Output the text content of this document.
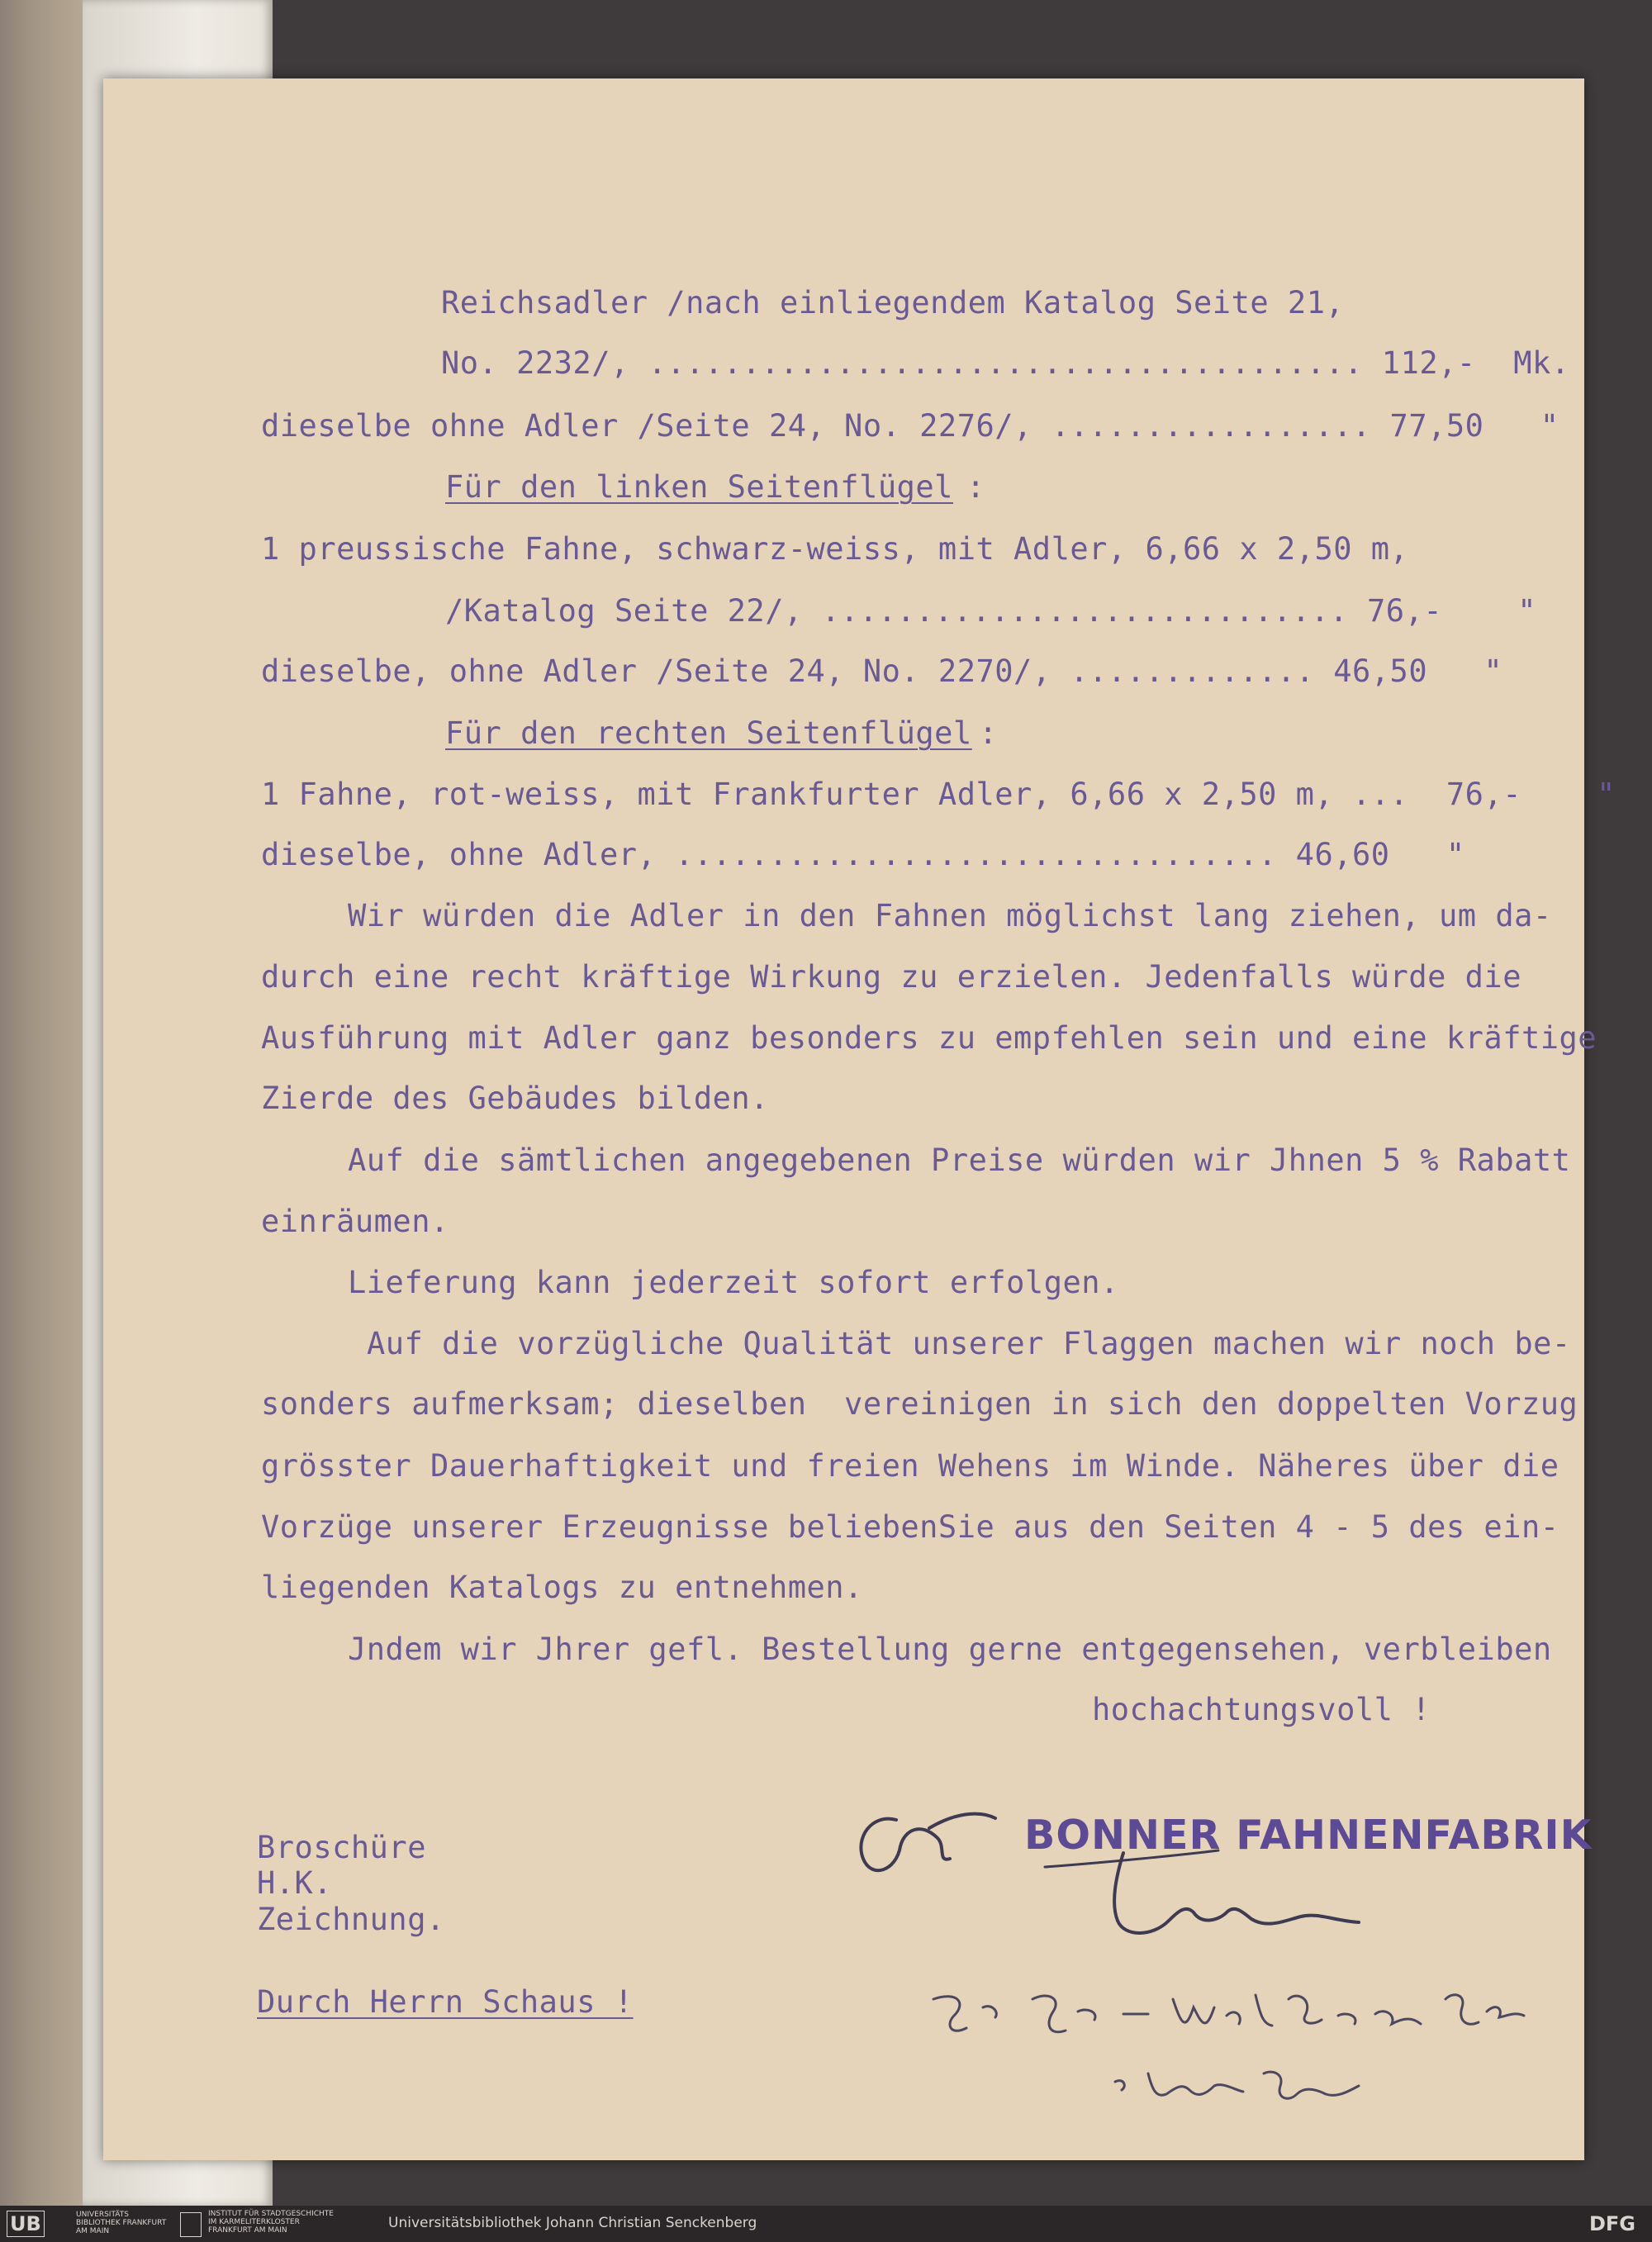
Reichsadler /nach einliegendem Katalog Seite 21,
No. 2232/, ...................................... 112,-  Mk.
dieselbe ohne Adler /Seite 24, No. 2276/, ................. 77,50   "
Für den linken Seitenflügel :
1 preussische Fahne, schwarz-weiss, mit Adler, 6,66 x 2,50 m,
/Katalog Seite 22/, ............................ 76,-    "
dieselbe, ohne Adler /Seite 24, No. 2270/, ............. 46,50   "
Für den rechten Seitenflügel :
1 Fahne, rot-weiss, mit Frankfurter Adler, 6,66 x 2,50 m, ...  76,-    "
dieselbe, ohne Adler, ................................ 46,60   "
Wir würden die Adler in den Fahnen möglichst lang ziehen, um da-
durch eine recht kräftige Wirkung zu erzielen. Jedenfalls würde die
Ausführung mit Adler ganz besonders zu empfehlen sein und eine kräftige
Zierde des Gebäudes bilden.
Auf die sämtlichen angegebenen Preise würden wir Jhnen 5 % Rabatt
einräumen.
Lieferung kann jederzeit sofort erfolgen.
Auf die vorzügliche Qualität unserer Flaggen machen wir noch be-
sonders aufmerksam; dieselben  vereinigen in sich den doppelten Vorzug
grösster Dauerhaftigkeit und freien Wehens im Winde. Näheres über die
Vorzüge unserer Erzeugnisse beliebenSie aus den Seiten 4 - 5 des ein-
liegenden Katalogs zu entnehmen.
Jndem wir Jhrer gefl. Bestellung gerne entgegensehen, verbleiben
hochachtungsvoll !
BONNER FAHNENFABRIK
Broschüre
H.K.
Zeichnung.
Durch Herrn Schaus !
UB	UNIVERSITÄTS BIBLIOTHEK FRANKFURT AM MAIN
INSTITUT FÜR STADTGESCHICHTE IM KARMELITERKLOSTER FRANKFURT AM MAIN	Universitätsbibliothek Johann Christian Senckenberg	DFG
